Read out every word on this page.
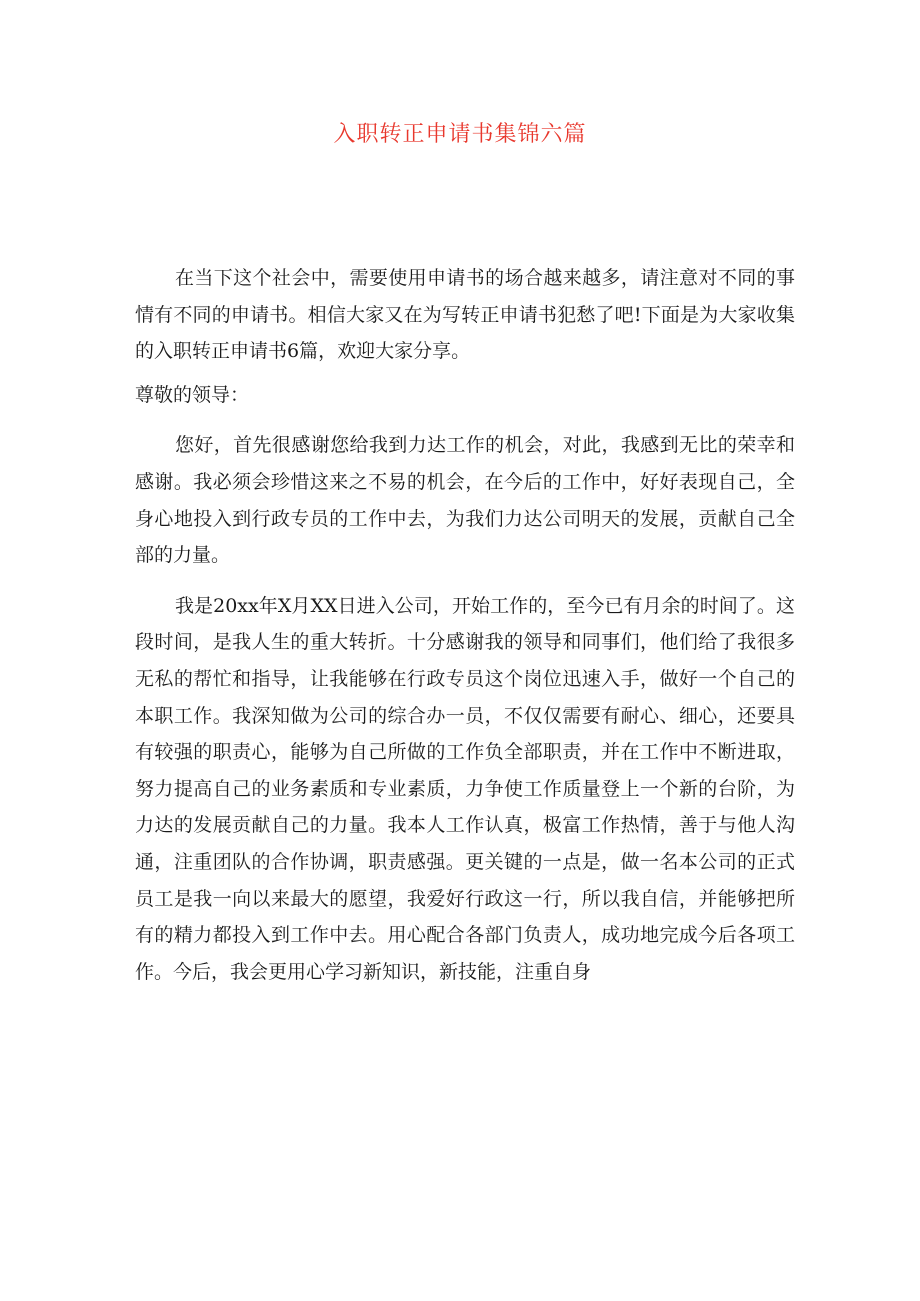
入职转正申请书集锦六篇

在当下这个社会中，需要使用申请书的场合越来越多，请注意对不同的事情有不同的申请书。相信大家又在为写转正申请书犯愁了吧!下面是为大家收集的入职转正申请书6篇，欢迎大家分享。

尊敬的领导：

您好，首先很感谢您给我到力达工作的机会，对此，我感到无比的荣幸和感谢。我必须会珍惜这来之不易的机会，在今后的工作中，好好表现自己，全身心地投入到行政专员的工作中去，为我们力达公司明天的发展，贡献自己全部的力量。

我是20xx年X月XX日进入公司，开始工作的，至今已有月余的时间了。这段时间，是我人生的重大转折。十分感谢我的领导和同事们，他们给了我很多无私的帮忙和指导，让我能够在行政专员这个岗位迅速入手，做好一个自己的本职工作。我深知做为公司的综合办一员，不仅仅需要有耐心、细心，还要具有较强的职责心，能够为自己所做的工作负全部职责，并在工作中不断进取，努力提高自己的业务素质和专业素质，力争使工作质量登上一个新的台阶，为力达的发展贡献自己的力量。我本人工作认真，极富工作热情，善于与他人沟通，注重团队的合作协调，职责感强。更关键的一点是，做一名本公司的正式员工是我一向以来最大的愿望，我爱好行政这一行，所以我自信，并能够把所有的精力都投入到工作中去。用心配合各部门负责人，成功地完成今后各项工作。今后，我会更用心学习新知识，新技能，注重自身
